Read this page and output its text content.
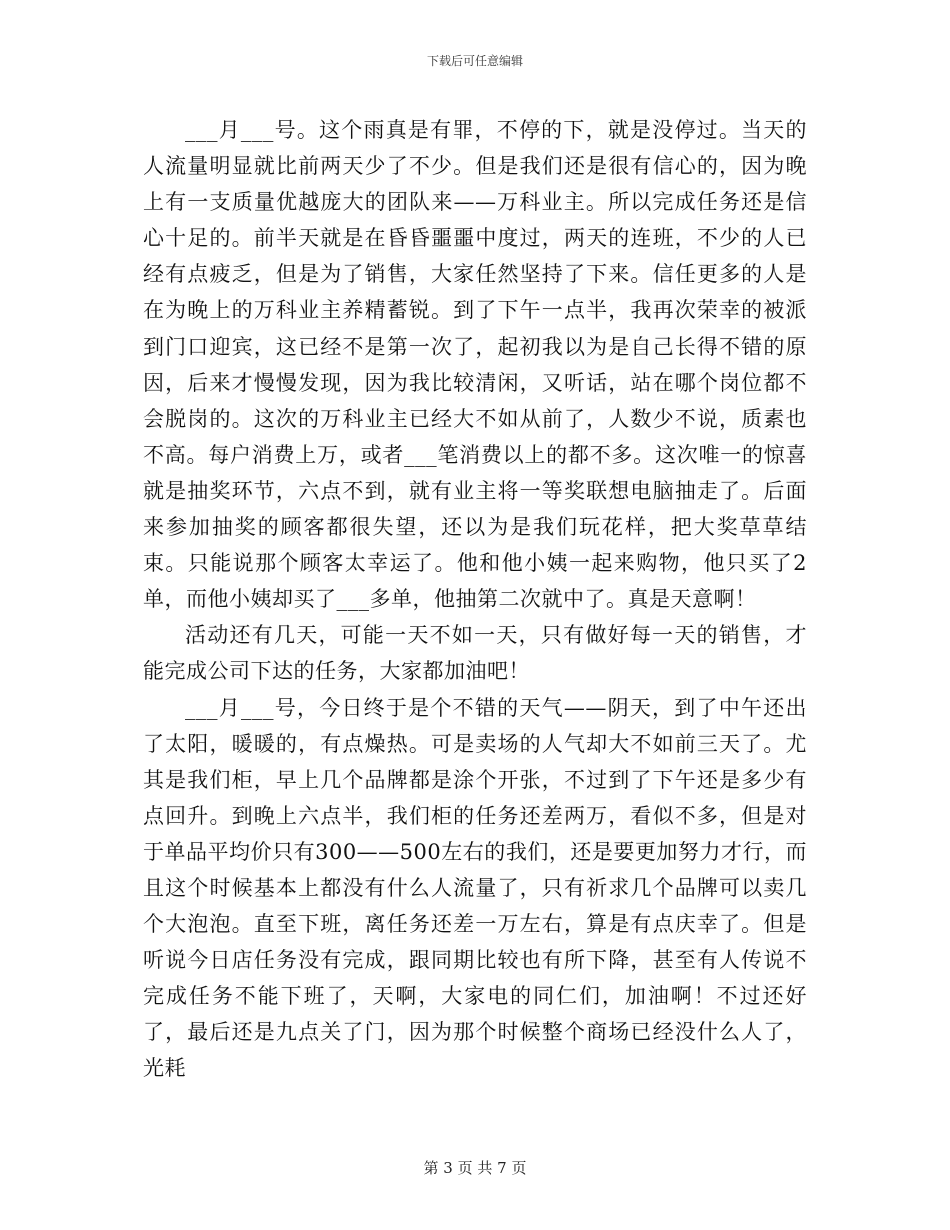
下载后可任意编辑

___月___号。这个雨真是有罪，不停的下，就是没停过。当天的人流量明显就比前两天少了不少。但是我们还是很有信心的，因为晚上有一支质量优越庞大的团队来——万科业主。所以完成任务还是信心十足的。前半天就是在昏昏噩噩中度过，两天的连班，不少的人已经有点疲乏，但是为了销售，大家任然坚持了下来。信任更多的人是在为晚上的万科业主养精蓄锐。到了下午一点半，我再次荣幸的被派到门口迎宾，这已经不是第一次了，起初我以为是自己长得不错的原因，后来才慢慢发现，因为我比较清闲，又听话，站在哪个岗位都不会脱岗的。这次的万科业主已经大不如从前了，人数少不说，质素也不高。每户消费上万，或者___笔消费以上的都不多。这次唯一的惊喜就是抽奖环节，六点不到，就有业主将一等奖联想电脑抽走了。后面来参加抽奖的顾客都很失望，还以为是我们玩花样，把大奖草草结束。只能说那个顾客太幸运了。他和他小姨一起来购物，他只买了2单，而他小姨却买了___多单，他抽第二次就中了。真是天意啊！

活动还有几天，可能一天不如一天，只有做好每一天的销售，才能完成公司下达的任务，大家都加油吧！

___月___号，今日终于是个不错的天气——阴天，到了中午还出了太阳，暖暖的，有点燥热。可是卖场的人气却大不如前三天了。尤其是我们柜，早上几个品牌都是涂个开张，不过到了下午还是多少有点回升。到晚上六点半，我们柜的任务还差两万，看似不多，但是对于单品平均价只有300——500左右的我们，还是要更加努力才行，而且这个时候基本上都没有什么人流量了，只有祈求几个品牌可以卖几个大泡泡。直至下班，离任务还差一万左右，算是有点庆幸了。但是听说今日店任务没有完成，跟同期比较也有所下降，甚至有人传说不完成任务不能下班了，天啊，大家电的同仁们，加油啊！不过还好了，最后还是九点关了门，因为那个时候整个商场已经没什么人了，光耗

第 3 页 共 7 页
